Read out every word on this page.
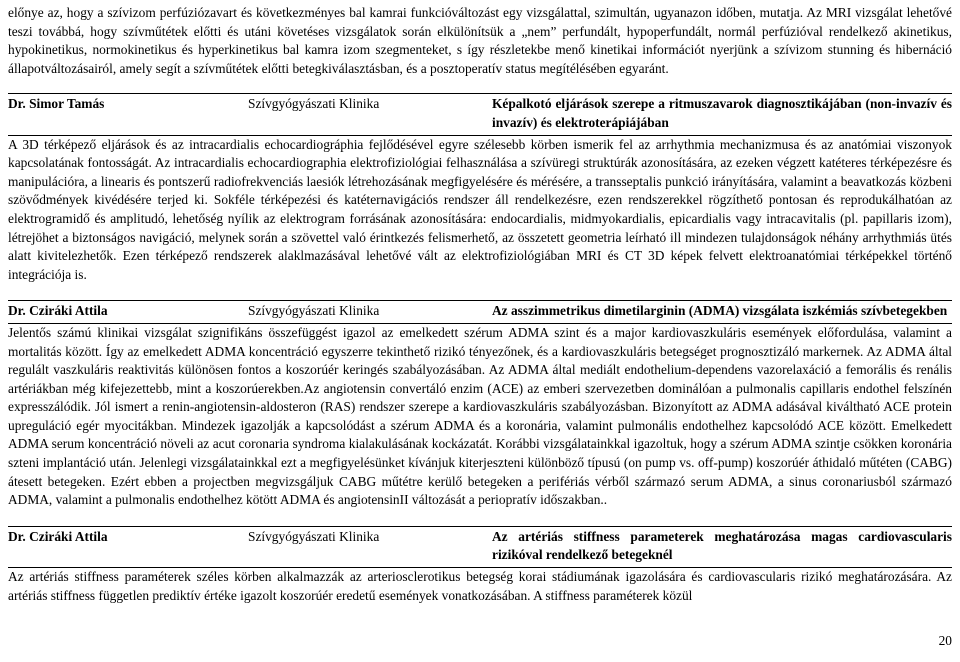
előnye az, hogy a szívizom perfúziózavart és következményes bal kamrai funkcióváltozást egy vizsgálattal, szimultán, ugyanazon időben, mutatja. Az MRI vizsgálat lehetővé teszi továbbá, hogy szívműtétek előtti és utáni követéses vizsgálatok során elkülönítsük a „nem” perfundált, hypoperfundált, normál perfúzióval rendelkező akinetikus, hypokinetikus, normokinetikus és hyperkinetikus bal kamra izom szegmenteket, s így részletekbe menő kinetikai információt nyerjünk a szívizom stunning és hibernáció állapotváltozásairól, amely segít a szívműtétek előtti betegkiválasztásban, és a posztoperatív status megítélésében egyaránt.

Dr. Simor Tamás	Szívgyógyászati Klinika	Képalkotó eljárások szerepe a ritmuszavarok diagnosztikájában (non-invazív és invazív) és elektroterápiájában

A 3D térképező eljárások és az intracardialis echocardiográphia fejlődésével egyre szélesebb körben ismerik fel az arrhythmia mechanizmusa és az anatómiai viszonyok kapcsolatának fontosságát. Az intracardialis echocardiographia elektrofiziológiai felhasználása a szívüregi struktúrák azonosítására, az ezeken végzett katéteres térképezésre és manipulációra, a linearis és pontszerű radiofrekvenciás laesiók létrehozásának megfigyelésére és mérésére, a transseptalis punkció irányítására, valamint a beavatkozás közbeni szövődmények kivédésére terjed ki. Sokféle térképezési és katéternavigációs rendszer áll rendelkezésre, ezen rendszerekkel rögzíthető pontosan és reprodukálhatóan az elektrogramidő és amplitudó, lehetőség nyílik az elektrogram forrásának azonosítására: endocardialis, midmyokardialis, epicardialis vagy intracavitalis (pl. papillaris izom), létrejöhet a biztonságos navigáció, melynek során a szövettel való érintkezés felismerhető, az összetett geometria leírható ill mindezen tulajdonságok néhány arrhythmiás ütés alatt kivitelezhetők. Ezen térképező rendszerek alaklmazásával lehetővé vált az elektrofiziológiában MRI és CT 3D képek felvett elektroanatómiai térképekkel történő integrációja is.

Dr. Cziráki Attila	Szívgyógyászati Klinika	Az asszimmetrikus dimetilarginin (ADMA) vizsgálata iszkémiás szívbetegekben

Jelentős számú klinikai vizsgálat szignifikáns összefüggést igazol az emelkedett szérum ADMA szint és a major kardiovaszkuláris események előfordulása, valamint a mortalitás között. Így az emelkedett ADMA koncentráció egyszerre tekinthető rizikó tényezőnek, és a kardiovaszkuláris betegséget prognosztizáló markernek. Az ADMA által regulált vaszkuláris reaktivitás különösen fontos a koszorúér keringés szabályozásában. Az ADMA által mediált endothelium-dependens vazorelaxáció a femorális és renális artériákban még kifejezettebb, mint a koszorúerekben.Az angiotensin convertáló enzim (ACE) az emberi szervezetben dominálóan a pulmonalis capillaris endothel felszínén expresszálódik. Jól ismert a renin-angiotensin-aldosteron (RAS) rendszer szerepe a kardiovaszkuláris szabályozásban. Bizonyított az ADMA adásával kiváltható ACE protein upreguláció egér myocitákban. Mindezek igazolják a kapcsolódást a szérum ADMA és a koronária, valamint pulmonális endothelhez kapcsolódó ACE között. Emelkedett ADMA serum koncentráció növeli az acut coronaria syndroma kialakulásának kockázatát. Korábbi vizsgálatainkkal igazoltuk, hogy a szérum ADMA szintje csökken koronária szteni implantáció után. Jelenlegi vizsgálatainkkal ezt a megfigyelésünket kívánjuk kiterjeszteni különböző típusú (on pump vs. off-pump) koszorúér áthidaló műtéten (CABG) átesett betegeken. Ezért ebben a projectben megvizsgáljuk CABG műtétre kerülő betegeken a perifériás vérből származó serum ADMA, a sinus coronariusból származó ADMA, valamint a pulmonalis endothelhez kötött ADMA és angiotensinII változását a periopratív időszakban..

Dr. Cziráki Attila	Szívgyógyászati Klinika	Az artériás stiffness parameterek meghatározása magas cardiovascularis rizikóval rendelkező betegeknél

Az artériás stiffness paraméterek széles körben alkalmazzák az arteriosclerotikus betegség korai stádiumának igazolására és cardiovascularis rizikó meghatározására. Az artériás stiffness független prediktív értéke igazolt koszorúér eredetű események vonatkozásában. A stiffness paraméterek közül

20
